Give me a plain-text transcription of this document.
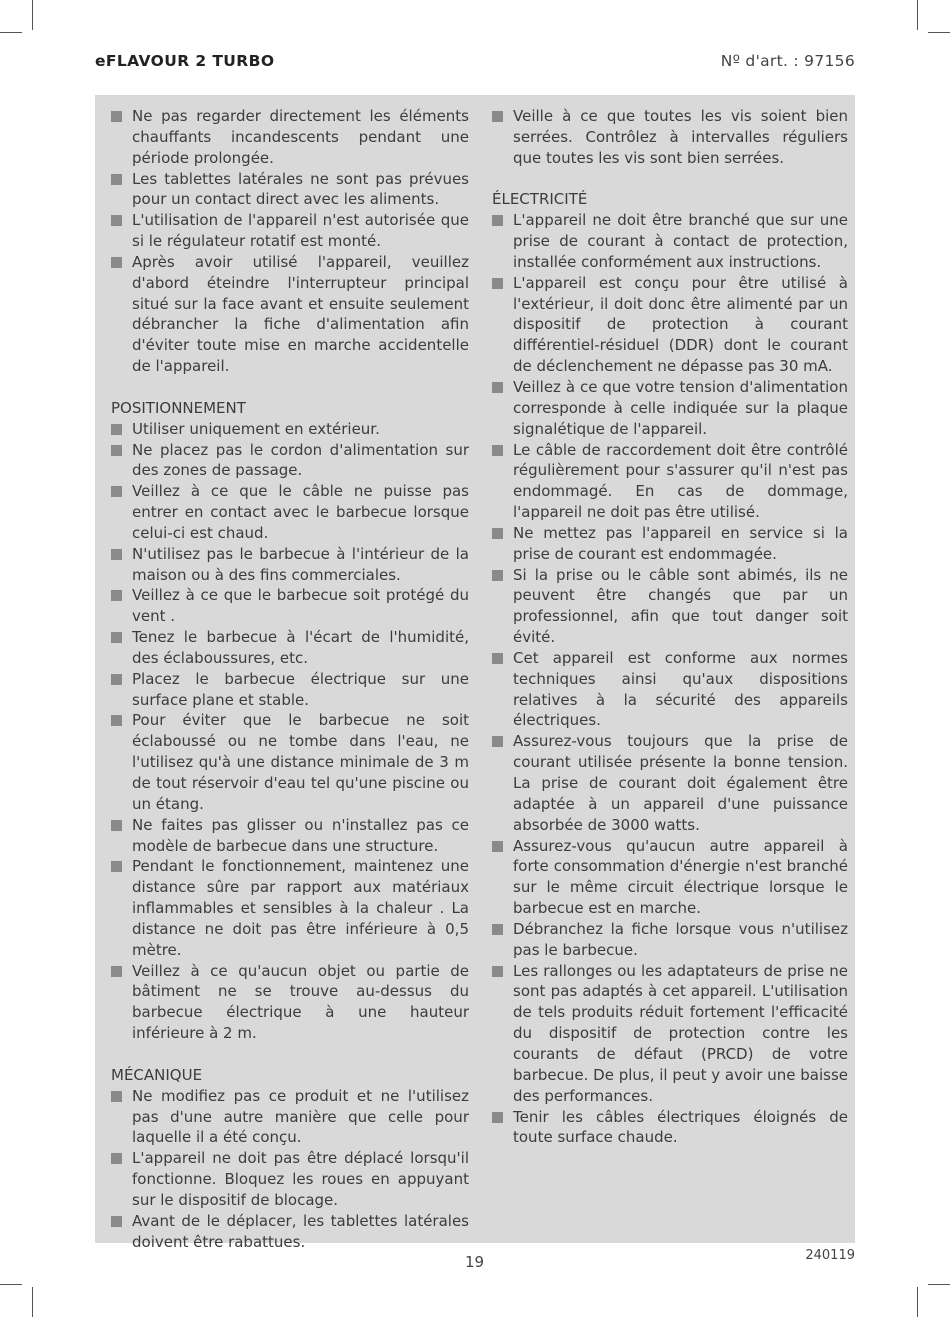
eFLAVOUR 2 TURBO	Nº d'art. : 97156
Ne pas regarder directement les éléments chauffants incandescents pendant une période prolongée.
Les tablettes latérales ne sont pas prévues pour un contact direct avec les aliments.
L'utilisation de l'appareil n'est autorisée que si le régulateur rotatif est monté.
Après avoir utilisé l'appareil, veuillez d'abord éteindre l'interrupteur principal situé sur la face avant et ensuite seulement débrancher la fiche d'alimentation afin d'éviter toute mise en marche accidentelle de l'appareil.
POSITIONNEMENT
Utiliser uniquement en extérieur.
Ne placez pas le cordon d'alimentation sur des zones de passage.
Veillez à ce que le câble ne puisse pas entrer en contact avec le barbecue lorsque celui-ci est chaud.
N'utilisez pas le barbecue à l'intérieur de la maison ou à des fins commerciales.
Veillez à ce que le barbecue soit protégé du vent .
Tenez le barbecue à l'écart de l'humidité, des éclaboussures, etc.
Placez le barbecue électrique sur une surface plane et stable.
Pour éviter que le barbecue ne soit éclaboussé ou ne tombe dans l'eau, ne l'utilisez qu'à une distance minimale de 3 m de tout réservoir d'eau tel qu'une piscine ou un étang.
Ne faites pas glisser ou n'installez pas ce modèle de barbecue dans une structure.
Pendant le fonctionnement, maintenez une distance sûre par rapport aux matériaux inflammables et sensibles à la chaleur . La distance ne doit pas être inférieure à 0,5 mètre.
Veillez à ce qu'aucun objet ou partie de bâtiment ne se trouve au-dessus du barbecue électrique à une hauteur inférieure à 2 m.
MÉCANIQUE
Ne modifiez pas ce produit et ne l'utilisez pas d'une autre manière que celle pour laquelle il a été conçu.
L'appareil ne doit pas être déplacé lorsqu'il fonctionne. Bloquez les roues en appuyant sur le dispositif de blocage.
Avant de le déplacer, les tablettes latérales doivent être rabattues.
Veille à ce que toutes les vis soient bien serrées. Contrôlez à intervalles réguliers que toutes les vis sont bien serrées.
ÉLECTRICITÉ
L'appareil ne doit être branché que sur une prise de courant à contact de protection, installée conformément aux instructions.
L'appareil est conçu pour être utilisé à l'extérieur, il doit donc être alimenté par un dispositif de protection à courant différentiel-résiduel (DDR) dont le courant de déclenchement ne dépasse pas 30 mA.
Veillez à ce que votre tension d'alimentation corresponde à celle indiquée sur la plaque signalétique de l'appareil.
Le câble de raccordement doit être contrôlé régulièrement pour s'assurer qu'il n'est pas endommagé. En cas de dommage, l'appareil ne doit pas être utilisé.
Ne mettez pas l'appareil en service si la prise de courant est endommagée.
Si la prise ou le câble sont abimés, ils ne peuvent être changés que par un professionnel, afin que tout danger soit évité.
Cet appareil est conforme aux normes techniques ainsi qu'aux dispositions relatives à la sécurité des appareils électriques.
Assurez-vous toujours que la prise de courant utilisée présente la bonne tension. La prise de courant doit également être adaptée à un appareil d'une puissance absorbée de 3000 watts.
Assurez-vous qu'aucun autre appareil à forte consommation d'énergie n'est branché sur le même circuit électrique lorsque le barbecue est en marche.
Débranchez la fiche lorsque vous n'utilisez pas le barbecue.
Les rallonges ou les adaptateurs de prise ne sont pas adaptés à cet appareil. L'utilisation de tels produits réduit fortement l'efficacité du dispositif de protection contre les courants de défaut (PRCD) de votre barbecue. De plus, il peut y avoir une baisse des performances.
Tenir les câbles électriques éloignés de toute surface chaude.
19	240119
